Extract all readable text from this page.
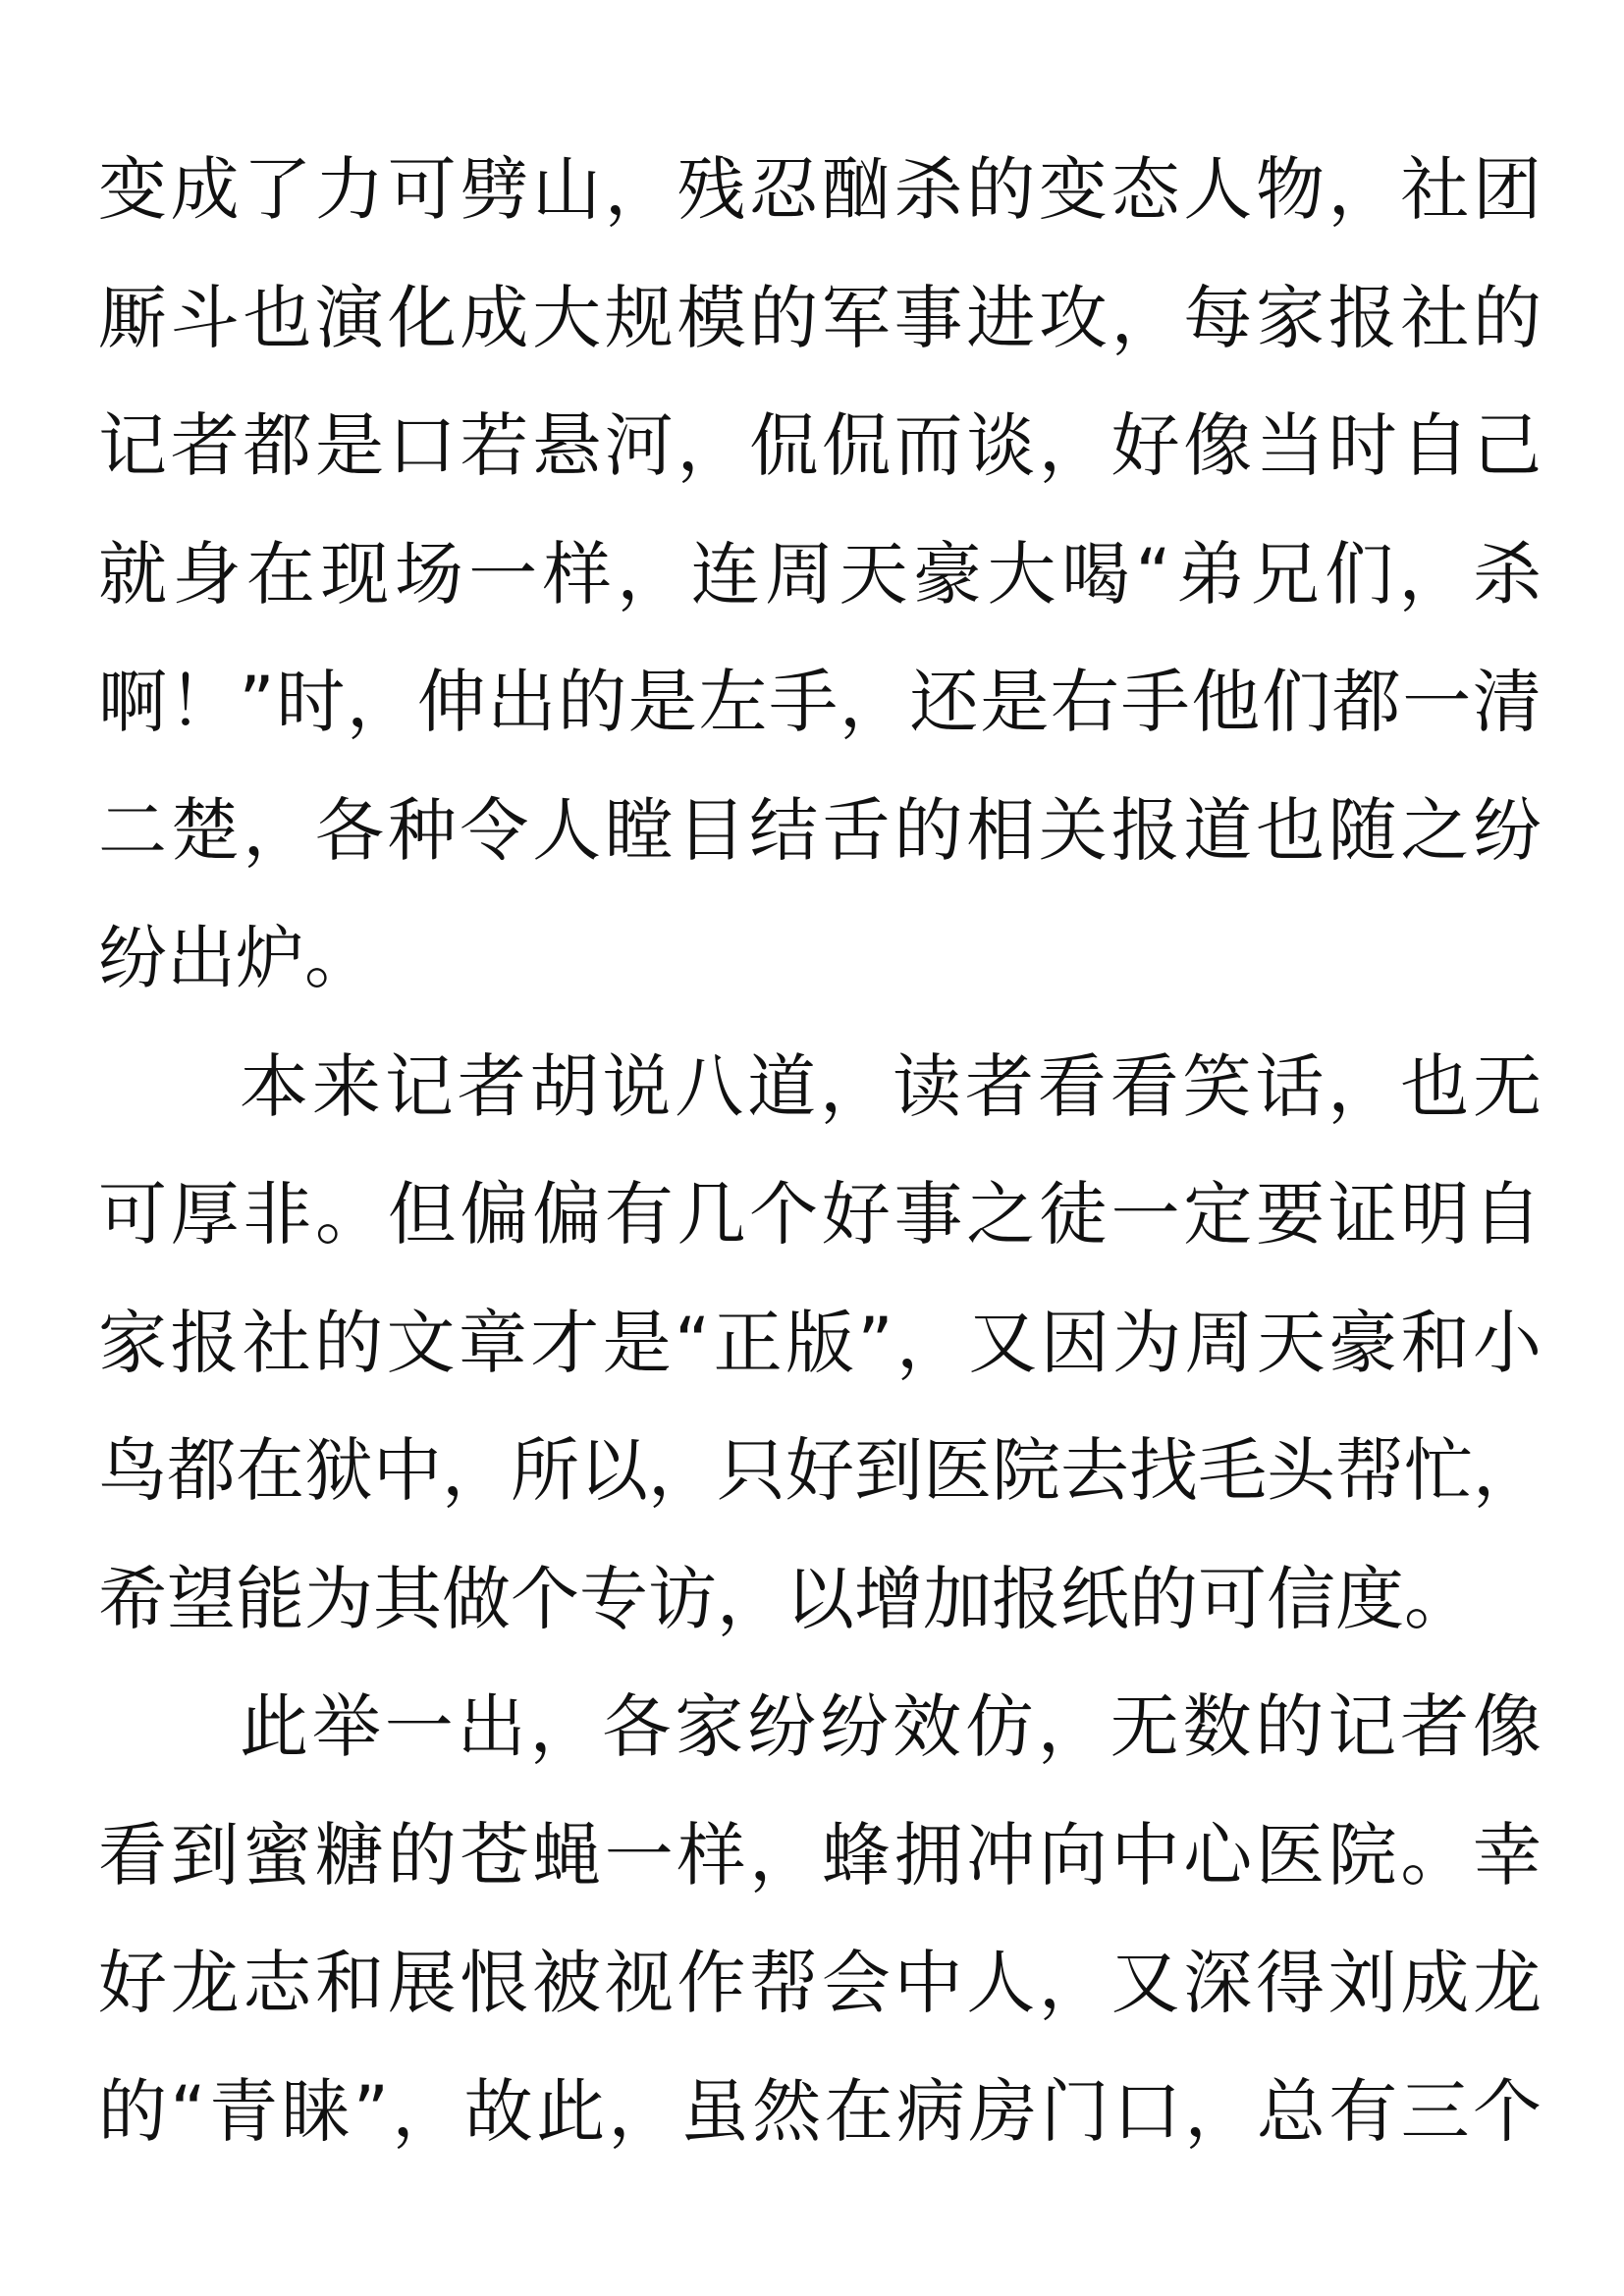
变成了力可劈山，残忍酗杀的变态人物，社团
厮斗也演化成大规模的军事进攻，每家报社的
记者都是口若悬河，侃侃而谈，好像当时自己
就身在现场一样，连周天豪大喝“弟兄们，杀
啊！”时，伸出的是左手，还是右手他们都一清
二楚，各种令人瞠目结舌的相关报道也随之纷
纷出炉。
本来记者胡说八道，读者看看笑话，也无
可厚非。但偏偏有几个好事之徒一定要证明自
家报社的文章才是“正版”，又因为周天豪和小
鸟都在狱中，所以，只好到医院去找毛头帮忙，
希望能为其做个专访，以增加报纸的可信度。
此举一出，各家纷纷效仿，无数的记者像
看到蜜糖的苍蝇一样，蜂拥冲向中心医院。幸
好龙志和展恨被视作帮会中人，又深得刘成龙
的“青睐”，故此，虽然在病房门口，总有三个
